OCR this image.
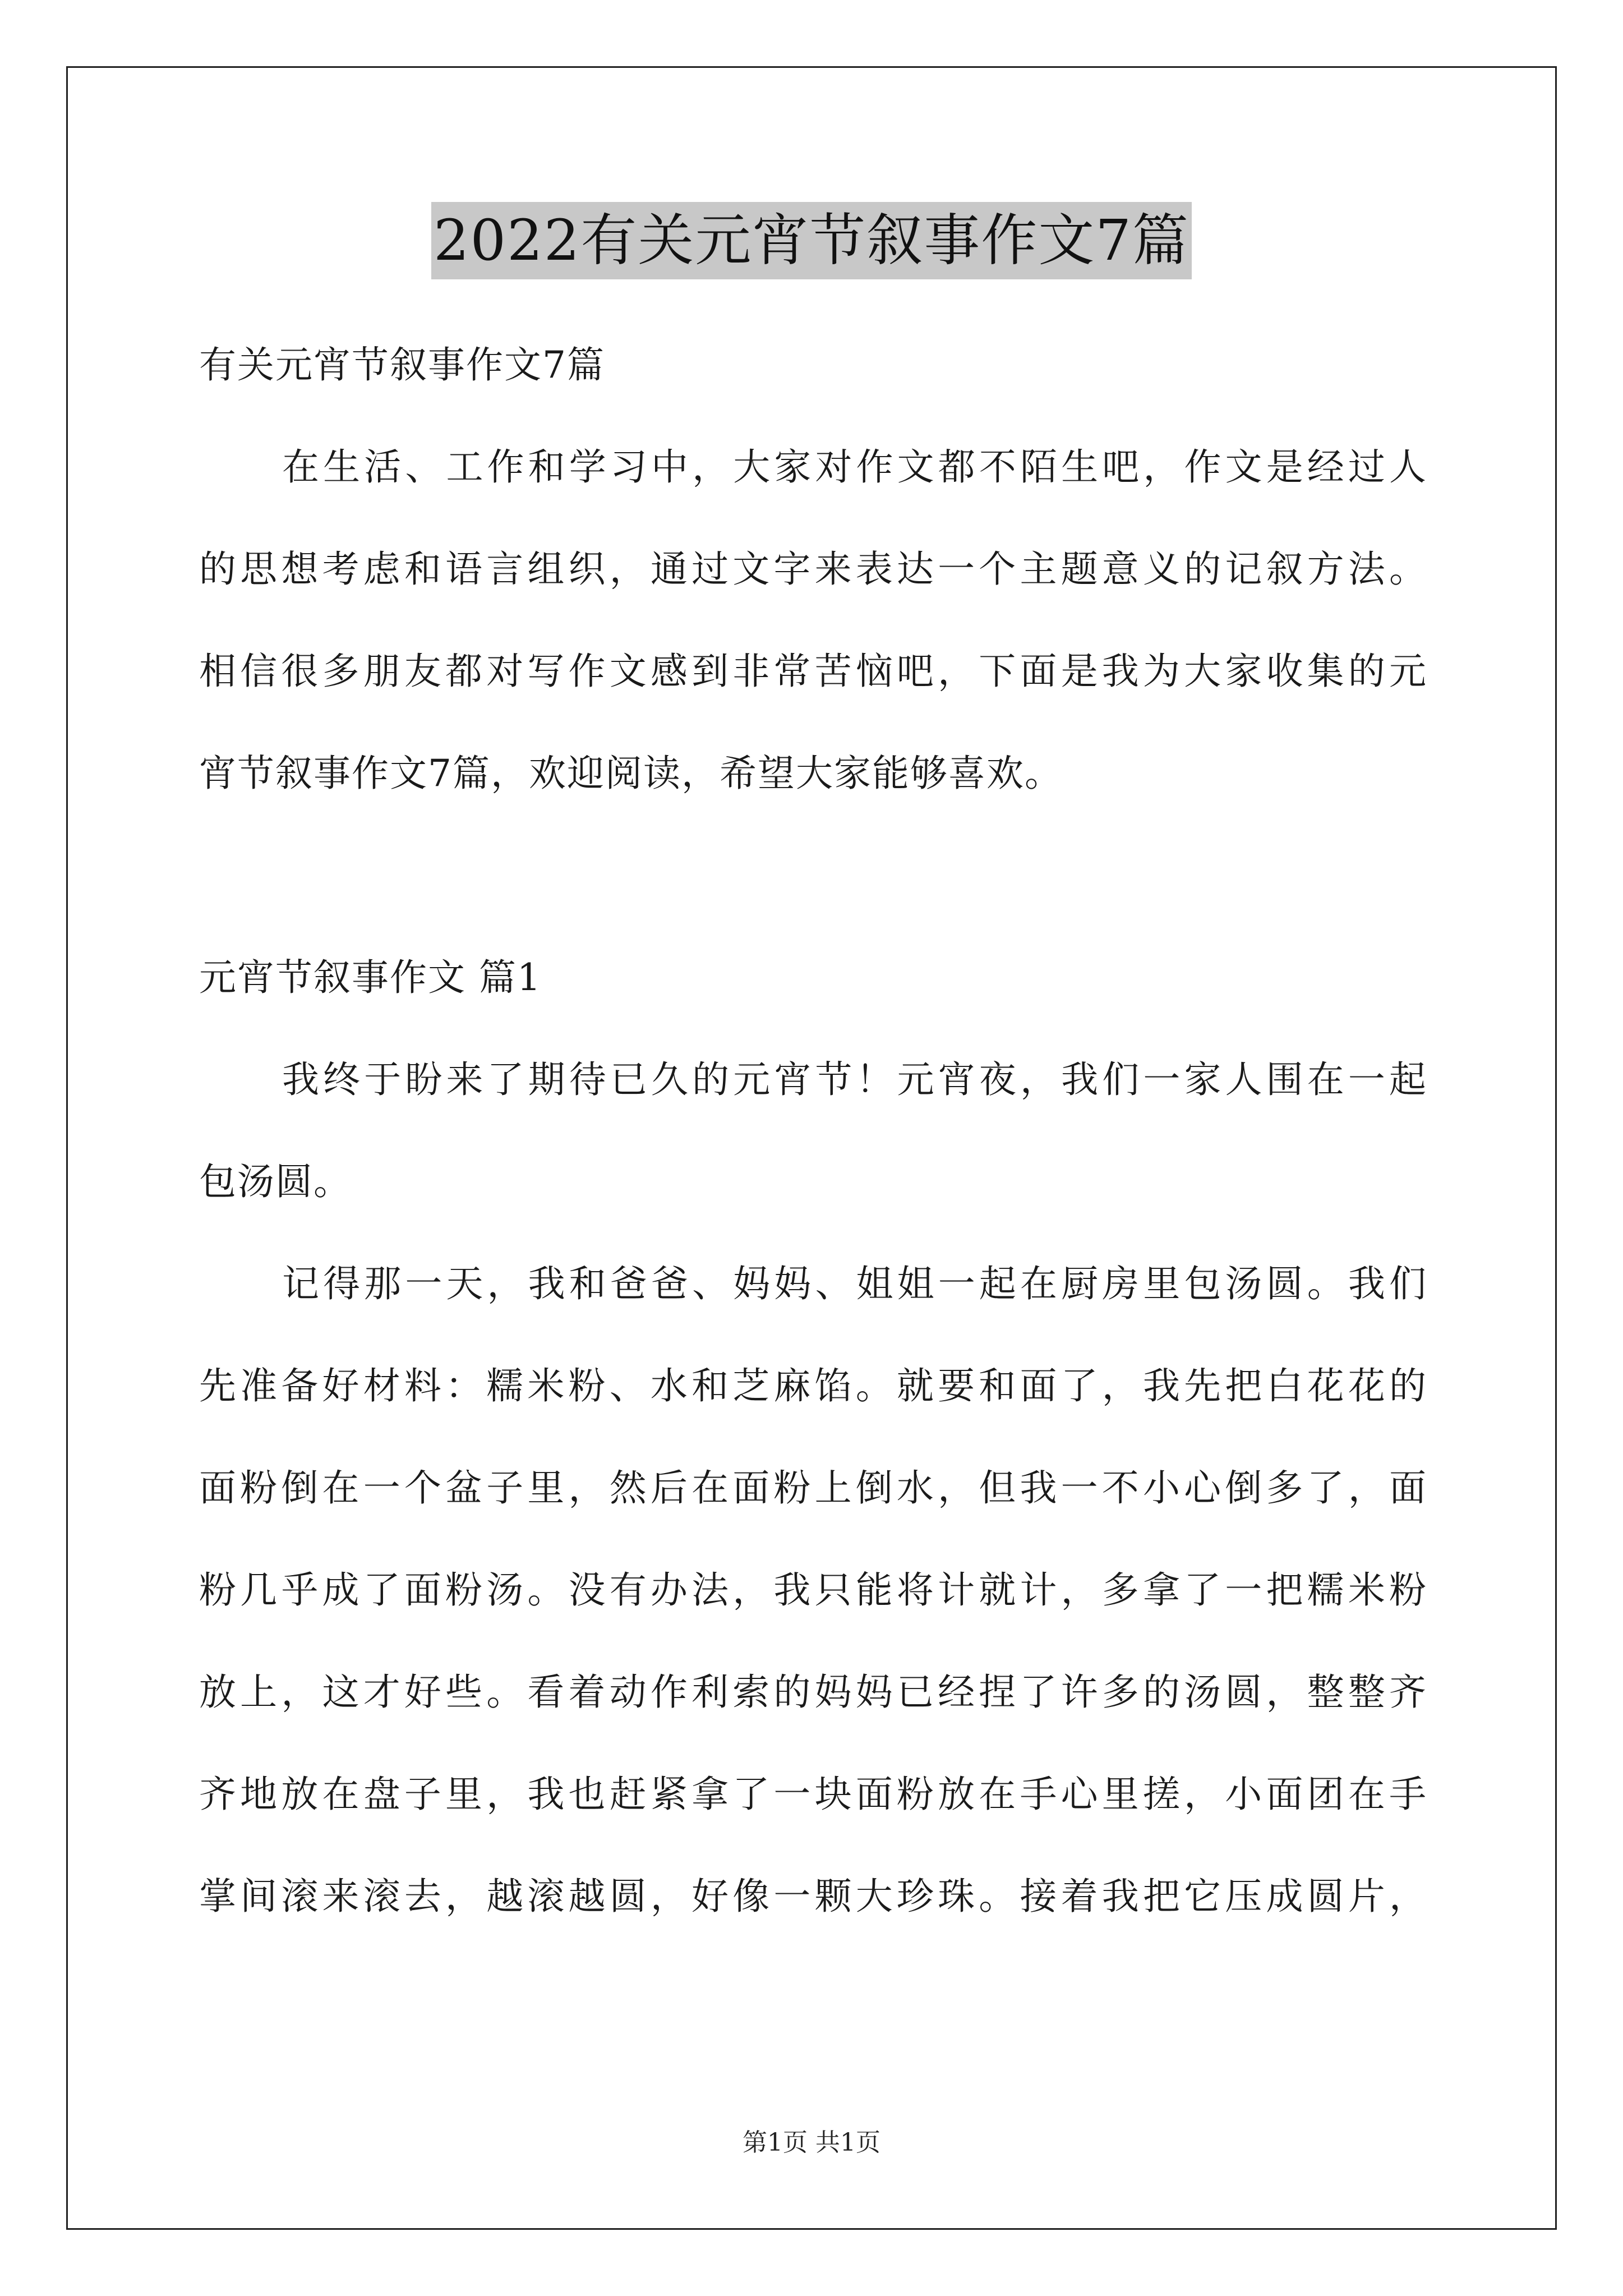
2022有关元宵节叙事作文7篇
有关元宵节叙事作文7篇
在生活、工作和学习中，大家对作文都不陌生吧，作文是经过人
的思想考虑和语言组织，通过文字来表达一个主题意义的记叙方法。
相信很多朋友都对写作文感到非常苦恼吧，下面是我为大家收集的元
宵节叙事作文7篇，欢迎阅读，希望大家能够喜欢。
元宵节叙事作文 篇1
我终于盼来了期待已久的元宵节！元宵夜，我们一家人围在一起
包汤圆。
记得那一天，我和爸爸、妈妈、姐姐一起在厨房里包汤圆。我们
先准备好材料：糯米粉、水和芝麻馅。就要和面了，我先把白花花的
面粉倒在一个盆子里，然后在面粉上倒水，但我一不小心倒多了，面
粉几乎成了面粉汤。没有办法，我只能将计就计，多拿了一把糯米粉
放上，这才好些。看着动作利索的妈妈已经捏了许多的汤圆，整整齐
齐地放在盘子里，我也赶紧拿了一块面粉放在手心里搓，小面团在手
掌间滚来滚去，越滚越圆，好像一颗大珍珠。接着我把它压成圆片，
第1页 共1页
